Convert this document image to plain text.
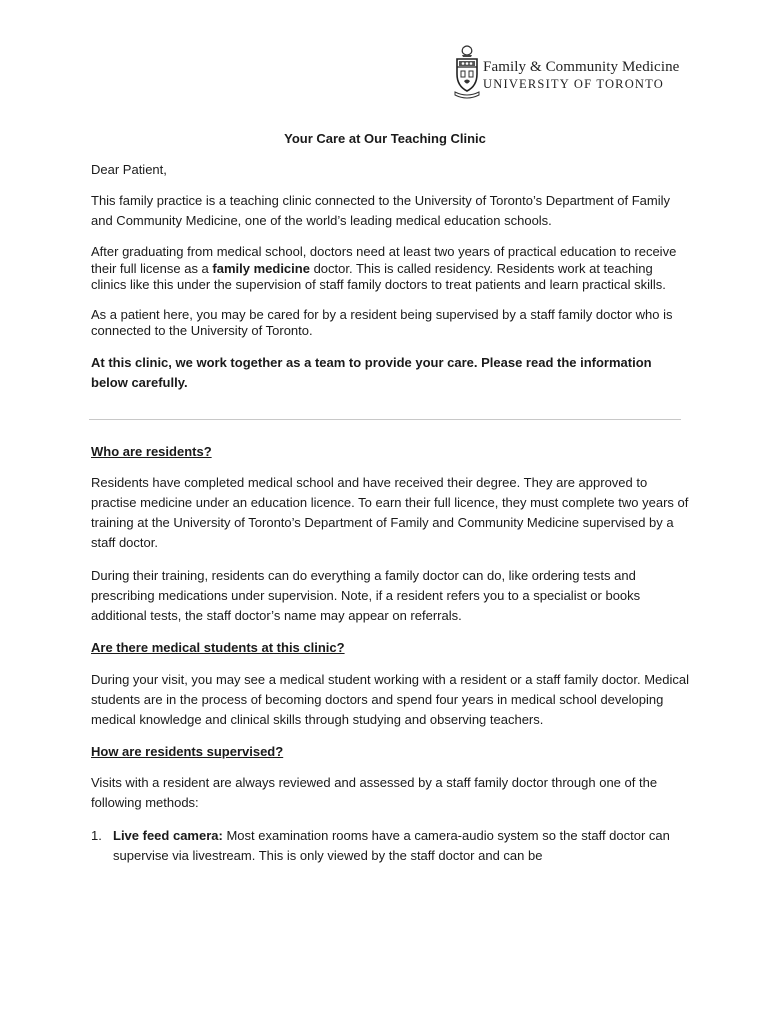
Family & Community Medicine
UNIVERSITY OF TORONTO
Your Care at Our Teaching Clinic

Dear Patient,

This family practice is a teaching clinic connected to the University of Toronto’s Department of Family and Community Medicine, one of the world’s leading medical education schools.

After graduating from medical school, doctors need at least two years of practical education to receive their full license as a family medicine doctor. This is called residency. Residents work at teaching clinics like this under the supervision of staff family doctors to treat patients and learn practical skills.

As a patient here, you may be cared for by a resident being supervised by a staff family doctor who is connected to the University of Toronto.

At this clinic, we work together as a team to provide your care. Please read the information below carefully.

Who are residents?

Residents have completed medical school and have received their degree. They are approved to practise medicine under an education licence. To earn their full licence, they must complete two years of training at the University of Toronto’s Department of Family and Community Medicine supervised by a staff doctor.

During their training, residents can do everything a family doctor can do, like ordering tests and prescribing medications under supervision. Note, if a resident refers you to a specialist or books additional tests, the staff doctor’s name may appear on referrals.

Are there medical students at this clinic?

During your visit, you may see a medical student working with a resident or a staff family doctor. Medical students are in the process of becoming doctors and spend four years in medical school developing medical knowledge and clinical skills through studying and observing teachers.

How are residents supervised?

Visits with a resident are always reviewed and assessed by a staff family doctor through one of the following methods:

1. Live feed camera: Most examination rooms have a camera-audio system so the staff doctor can supervise via livestream. This is only viewed by the staff doctor and can be
